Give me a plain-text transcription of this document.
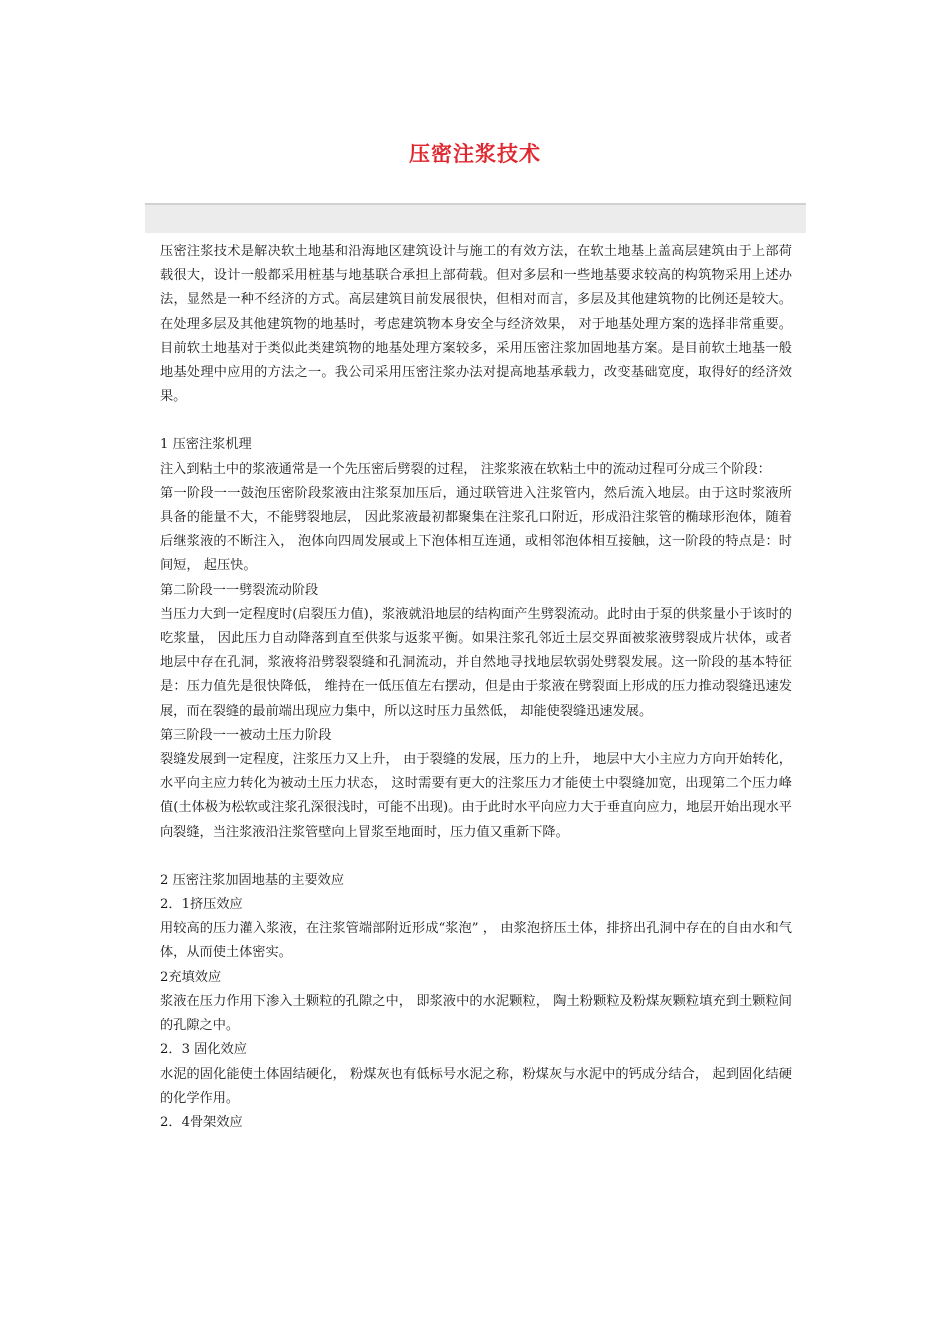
压密注浆技术

压密注浆技术是解决软土地基和沿海地区建筑设计与施工的有效方法，在软土地基上盖高层建筑由于上部荷载很大，设计一般都采用桩基与地基联合承担上部荷载。但对多层和一些地基要求较高的构筑物采用上述办法，显然是一种不经济的方式。高层建筑目前发展很快，但相对而言，多层及其他建筑物的比例还是较大。在处理多层及其他建筑物的地基时，考虑建筑物本身安全与经济效果， 对于地基处理方案的选择非常重要。目前软土地基对于类似此类建筑物的地基处理方案较多，采用压密注浆加固地基方案。是目前软土地基一般地基处理中应用的方法之一。我公司采用压密注浆办法对提高地基承载力，改变基础宽度，取得好的经济效果。

1 压密注浆机理

注入到粘土中的浆液通常是一个先压密后劈裂的过程， 注浆浆液在软粘土中的流动过程可分成三个阶段：

第一阶段一一鼓泡压密阶段浆液由注浆泵加压后，通过联管进入注浆管内，然后流入地层。由于这时浆液所具备的能量不大，不能劈裂地层， 因此浆液最初都聚集在注浆孔口附近，形成沿注浆管的椭球形泡体，随着后继浆液的不断注入， 泡体向四周发展或上下泡体相互连通，或相邻泡体相互接触，这一阶段的特点是：时间短， 起压快。

第二阶段一一劈裂流动阶段

当压力大到一定程度时(启裂压力值)，浆液就沿地层的结构面产生劈裂流动。此时由于泵的供浆量小于该时的吃浆量， 因此压力自动降落到直至供浆与返浆平衡。如果注浆孔邻近土层交界面被浆液劈裂成片状体，或者地层中存在孔洞，浆液将沿劈裂裂缝和孔洞流动，并自然地寻找地层软弱处劈裂发展。这一阶段的基本特征是：压力值先是很快降低， 维持在一低压值左右摆动，但是由于浆液在劈裂面上形成的压力推动裂缝迅速发展，而在裂缝的最前端出现应力集中，所以这时压力虽然低， 却能使裂缝迅速发展。

第三阶段一一被动土压力阶段

裂缝发展到一定程度，注浆压力又上升， 由于裂缝的发展，压力的上升， 地层中大小主应力方向开始转化， 水平向主应力转化为被动土压力状态， 这时需要有更大的注浆压力才能使土中裂缝加宽，出现第二个压力峰值(土体极为松软或注浆孔深很浅时，可能不出现)。由于此时水平向应力大于垂直向应力，地层开始出现水平向裂缝，当注浆液沿注浆管壁向上冒浆至地面时，压力值又重新下降。

2 压密注浆加固地基的主要效应

2．1挤压效应

用较高的压力灌入浆液，在注浆管端部附近形成“浆泡” ， 由浆泡挤压土体，排挤出孔洞中存在的自由水和气体，从而使土体密实。

2充填效应

浆液在压力作用下渗入土颗粒的孔隙之中， 即浆液中的水泥颗粒， 陶土粉颗粒及粉煤灰颗粒填充到土颗粒间的孔隙之中。

2．3 固化效应

水泥的固化能使土体固结硬化， 粉煤灰也有低标号水泥之称，粉煤灰与水泥中的钙成分结合， 起到固化结硬的化学作用。

2．4骨架效应
